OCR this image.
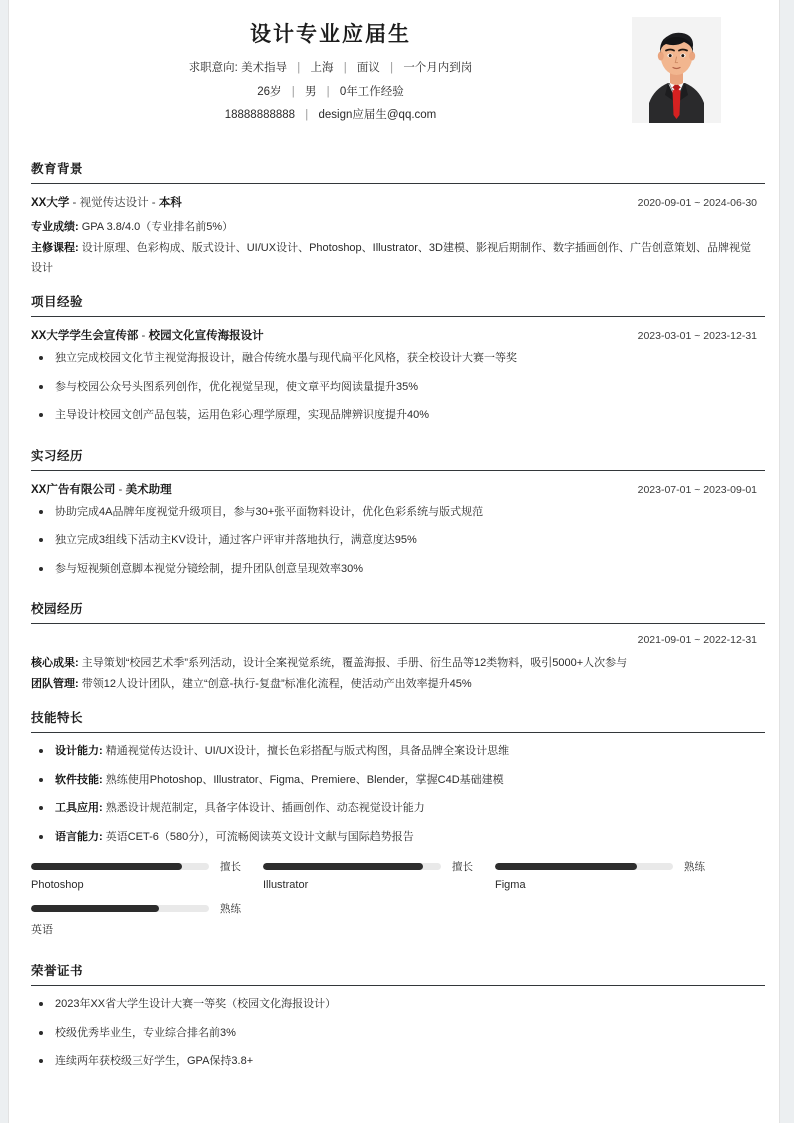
设计专业应届生
求职意向: 美术指导 | 上海 | 面议 | 一个月内到岗
26岁 | 男 | 0年工作经验
18888888888 | design应届生@qq.com
教育背景
XX大学 - 视觉传达设计 - 本科	2020-09-01 ~ 2024-06-30
专业成绩: GPA 3.8/4.0（专业排名前5%）
主修课程: 设计原理、色彩构成、版式设计、UI/UX设计、Photoshop、Illustrator、3D建模、影视后期制作、数字插画创作、广告创意策划、品牌视觉设计
项目经验
XX大学学生会宣传部 - 校园文化宣传海报设计	2023-03-01 ~ 2023-12-31
独立完成校园文化节主视觉海报设计，融合传统水墨与现代扁平化风格，获全校设计大赛一等奖
参与校园公众号头图系列创作，优化视觉呈现，使文章平均阅读量提升35%
主导设计校园文创产品包装，运用色彩心理学原理，实现品牌辨识度提升40%
实习经历
XX广告有限公司 - 美术助理	2023-07-01 ~ 2023-09-01
协助完成4A品牌年度视觉升级项目，参与30+张平面物料设计，优化色彩系统与版式规范
独立完成3组线下活动主KV设计，通过客户评审并落地执行，满意度达95%
参与短视频创意脚本视觉分镜绘制，提升团队创意呈现效率30%
校园经历
2021-09-01 ~ 2022-12-31
核心成果: 主导策划“校园艺术季”系列活动，设计全案视觉系统，覆盖海报、手册、衍生品等12类物料，吸引5000+人次参与
团队管理: 带领12人设计团队，建立“创意-执行-复盘”标准化流程，使活动产出效率提升45%
技能特长
设计能力: 精通视觉传达设计、UI/UX设计，擅长色彩搭配与版式构图，具备品牌全案设计思维
软件技能: 熟练使用Photoshop、Illustrator、Figma、Premiere、Blender，掌握C4D基础建模
工具应用: 熟悉设计规范制定，具备字体设计、插画创作、动态视觉设计能力
语言能力: 英语CET-6（580分），可流畅阅读英文设计文献与国际趋势报告
擅长
Photoshop
擅长
Illustrator
熟练
Figma
熟练
英语
荣誉证书
2023年XX省大学生设计大赛一等奖（校园文化海报设计）
校级优秀毕业生，专业综合排名前3%
连续两年获校级三好学生，GPA保持3.8+
